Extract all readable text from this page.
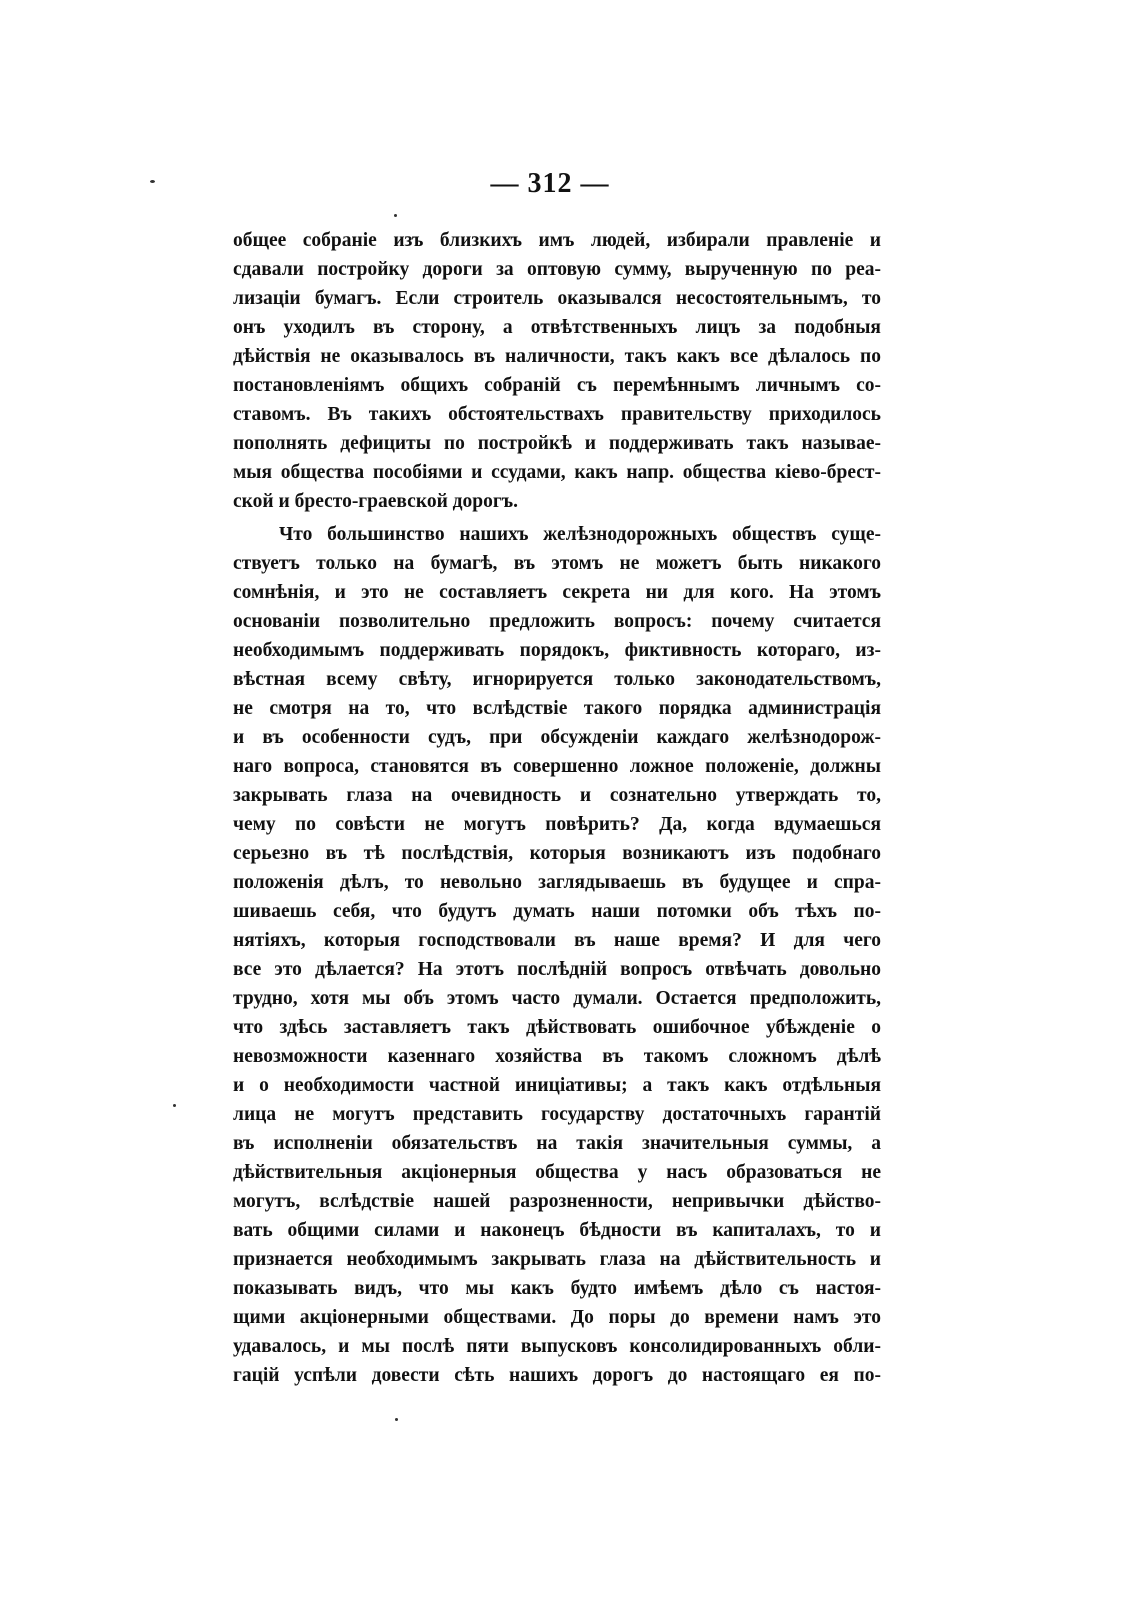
— 312 —
общее собраніе изъ близкихъ имъ людей, избирали правленіе и
сдавали постройку дороги за оптовую сумму, вырученную по реа-
лизаціи бумагъ. Если строитель оказывался несостоятельнымъ, то
онъ уходилъ въ сторону, а отвѣтственныхъ лицъ за подобныя
дѣйствія не оказывалось въ наличности, такъ какъ все дѣлалось по
постановленіямъ общихъ собраній съ перемѣннымъ личнымъ со-
ставомъ. Въ такихъ обстоятельствахъ правительству приходилось
пополнять дефициты по постройкѣ и поддерживать такъ называе-
мыя общества пособіями и ссудами, какъ напр. общества кіево-брест-
ской и бресто-граевской дорогъ.
Что большинство нашихъ желѣзнодорожныхъ обществъ суще-
ствуетъ только на бумагѣ, въ этомъ не можетъ быть никакого
сомнѣнія, и это не составляетъ секрета ни для кого. На этомъ
основаніи позволительно предложить вопросъ: почему считается
необходимымъ поддерживать порядокъ, фиктивность котораго, из-
вѣстная всему свѣту, игнорируется только законодательствомъ,
не смотря на то, что вслѣдствіе такого порядка администрація
и въ особенности судъ, при обсужденіи каждаго желѣзнодорож-
наго вопроса, становятся въ совершенно ложное положеніе, должны
закрывать глаза на очевидность и сознательно утверждать то,
чему по совѣсти не могутъ повѣрить? Да, когда вдумаешься
серьезно въ тѣ послѣдствія, которыя возникаютъ изъ подобнаго
положенія дѣлъ, то невольно заглядываешь въ будущее и спра-
шиваешь себя, что будутъ думать наши потомки объ тѣхъ по-
нятіяхъ, которыя господствовали въ наше время? И для чего
все это дѣлается? На этотъ послѣдній вопросъ отвѣчать довольно
трудно, хотя мы объ этомъ часто думали. Остается предположить,
что здѣсь заставляетъ такъ дѣйствовать ошибочное убѣжденіе о
невозможности казеннаго хозяйства въ такомъ сложномъ дѣлѣ
и о необходимости частной иниціативы; а такъ какъ отдѣльныя
лица не могутъ представить государству достаточныхъ гарантій
въ исполненіи обязательствъ на такія значительныя суммы, а
дѣйствительныя акціонерныя общества у насъ образоваться не
могутъ, вслѣдствіе нашей разрозненности, непривычки дѣйство-
вать общими силами и наконецъ бѣдности въ капиталахъ, то и
признается необходимымъ закрывать глаза на дѣйствительность и
показывать видъ, что мы какъ будто имѣемъ дѣло съ настоя-
щими акціонерными обществами. До поры до времени намъ это
удавалось, и мы послѣ пяти выпусковъ консолидированныхъ обли-
гацій успѣли довести сѣть нашихъ дорогъ до настоящаго ея по-
